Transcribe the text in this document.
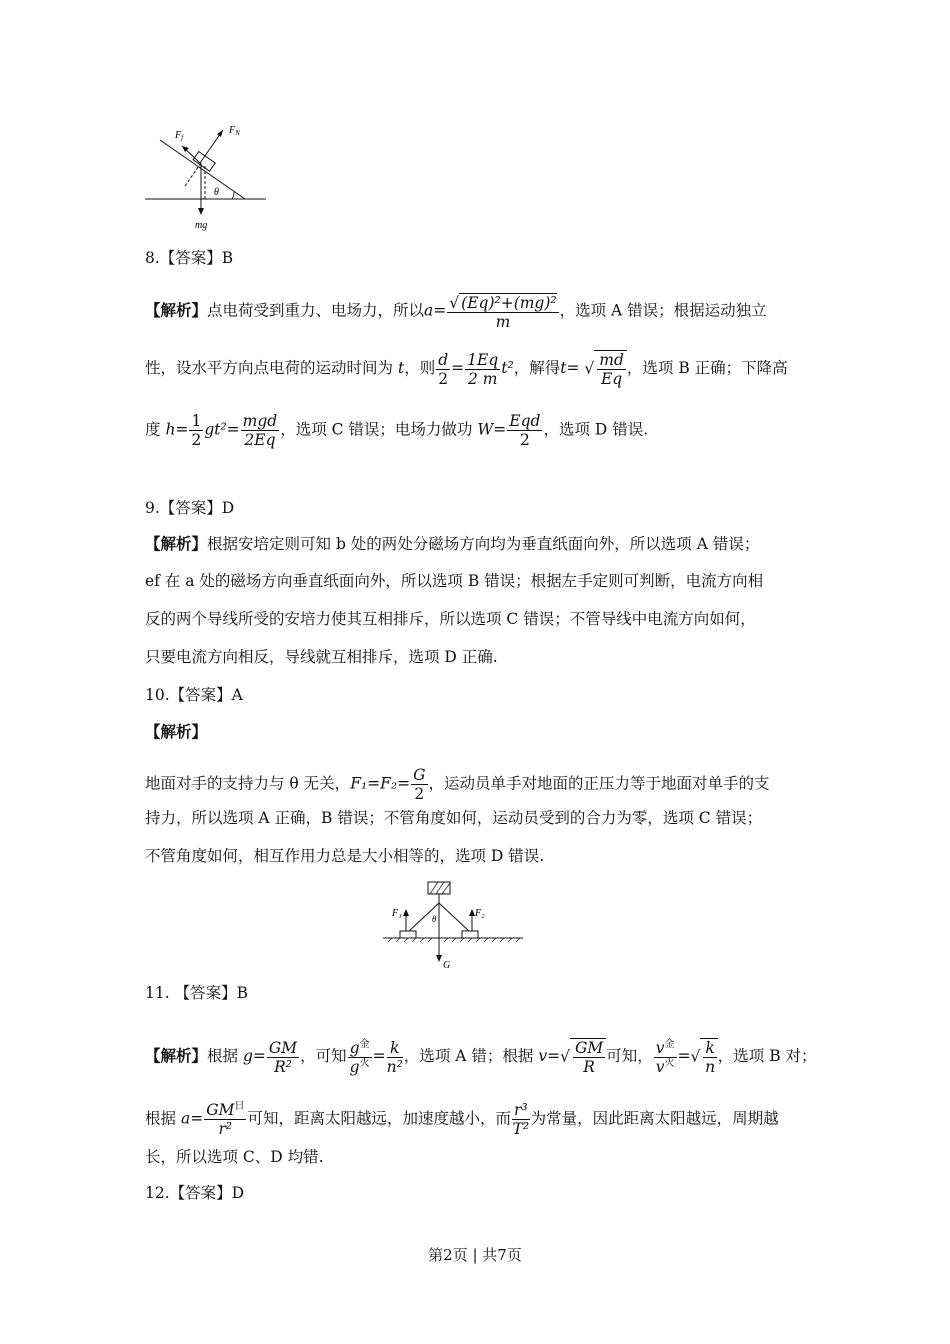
$F_f$
$F_N$
θ
mg
8.【答案】B
【解析】点电荷受到重力、电场力，所以$a= \frac{\text{√ (Eq)²+(mg)²}}{m}$ ，选项 A 错误；根据运动独立
性，设水平方向点电荷的运动时间为 t，则 $\frac{d}{2} = \frac{1Eq}{2 m} t^2$，解得t= √ $\frac{md}{Eq}$ ，选项 B 正确；下降高
度 $h= \frac{1}{2} gt^2= \frac{\text{mgd}}{2Eq}$ ，选项 C 错误；电场力做功 $W= \frac{\text{Eqd}}{2}$ ，选项 D 错误.
9.【答案】D
【解析】根据安培定则可知 b 处的两处分磁场方向均为垂直纸面向外，所以选项 A 错误；
ef 在 a 处的磁场方向垂直纸面向外，所以选项 B 错误；根据左手定则可判断，电流方向相
反的两个导线所受的安培力使其互相排斥，所以选项 C 错误；不管导线中电流方向如何，
只要电流方向相反，导线就互相排斥，选项 D 正确.
10.【答案】A
【解析】
地面对手的支持力与 θ 无关，$F_1=F_2= \frac{G}{2}$ ，运动员单手对地面的正压力等于地面对单手的支
持力，所以选项 A 正确，B 错误；不管角度如何，运动员受到的合力为零，选项 C 错误；
不管角度如何，相互作用力总是大小相等的，选项 D 错误.
F₁	F₂
θ
G
11. 【答案】B
【解析】根据 $g= \frac{GM}{\text{R²}}$ ，可知 $\frac{g^金}{g^火} = \frac{k}{\text{n²}}$ ，选项 A 错；根据 $v=√ \frac{GM}{R}$ 可知， $\frac{v^金}{v^火}$ =√ $\frac{k}{n}$ ，选项 B 对；
根据 $a= \frac{GM^日}{\text{r²}}$ 可知，距离太阳越远，加速度越小，而 $\frac{\text{r³}}{\text{T²}}$ 为常量，因此距离太阳越远，周期越
长，所以选项 C、D 均错.
12.【答案】D
第2页 | 共7页
